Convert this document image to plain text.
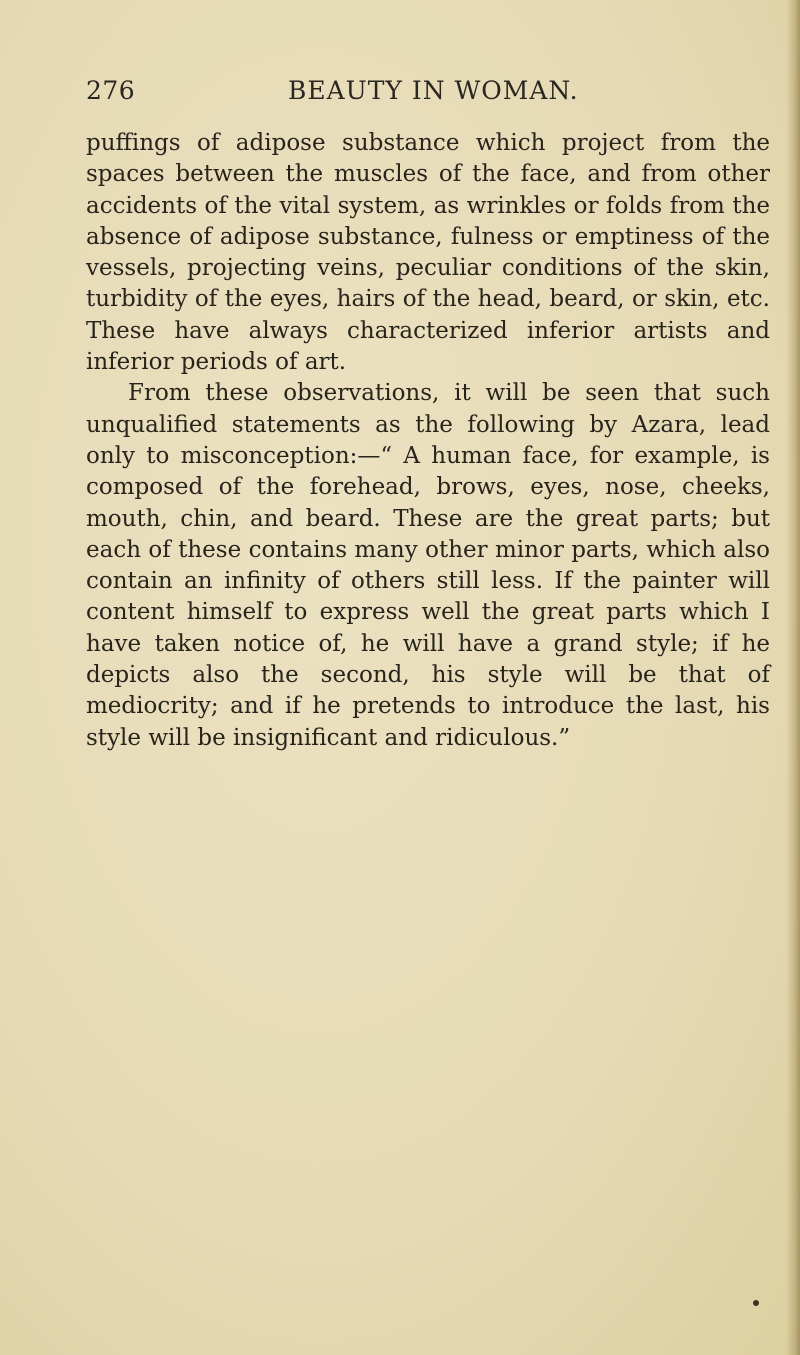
276	BEAUTY IN WOMAN.

puffings of adipose substance which project from the spaces between the muscles of the face, and from other accidents of the vital system, as wrinkles or folds from the absence of adipose substance, fulness or emptiness of the vessels, projecting veins, peculiar conditions of the skin, turbidity of the eyes, hairs of the head, beard, or skin, etc. These have always characterized inferior artists and inferior periods of art.

From these observations, it will be seen that such unqualified statements as the following by Azara, lead only to misconception:—“ A human face, for example, is composed of the forehead, brows, eyes, nose, cheeks, mouth, chin, and beard. These are the great parts; but each of these contains many other minor parts, which also contain an infinity of others still less. If the painter will content himself to express well the great parts which I have taken notice of, he will have a grand style; if he depicts also the second, his style will be that of mediocrity; and if he pretends to introduce the last, his style will be insignificant and ridiculous.”
